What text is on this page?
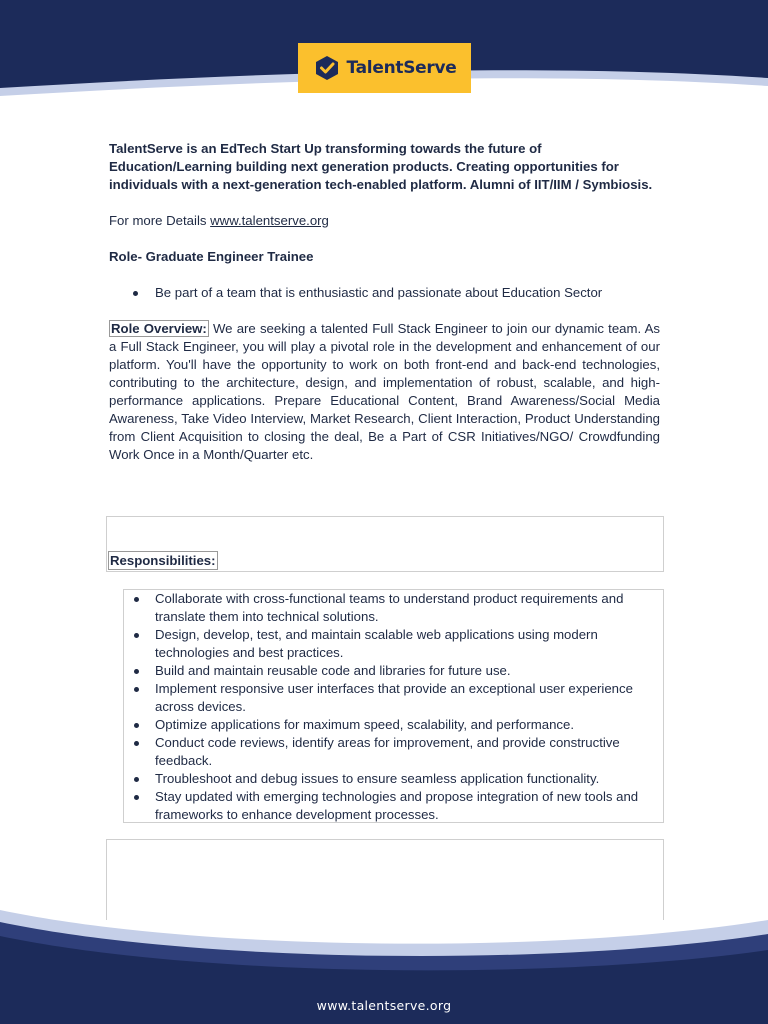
TalentServe

TalentServe is an EdTech Start Up transforming towards the future of Education/Learning building next generation products. Creating opportunities for individuals with a next-generation tech-enabled platform. Alumni of IIT/IIM / Symbiosis.

For more Details www.talentserve.org

Role- Graduate Engineer Trainee

Be part of a team that is enthusiastic and passionate about Education Sector

Role Overview: We are seeking a talented Full Stack Engineer to join our dynamic team. As a Full Stack Engineer, you will play a pivotal role in the development and enhancement of our platform. You'll have the opportunity to work on both front-end and back-end technologies, contributing to the architecture, design, and implementation of robust, scalable, and high-performance applications. Prepare Educational Content, Brand Awareness/Social Media Awareness, Take Video Interview, Market Research, Client Interaction, Product Understanding from Client Acquisition to closing the deal, Be a Part of CSR Initiatives/NGO/ Crowdfunding Work Once in a Month/Quarter etc.

Responsibilities:
Collaborate with cross-functional teams to understand product requirements and translate them into technical solutions.
Design, develop, test, and maintain scalable web applications using modern technologies and best practices.
Build and maintain reusable code and libraries for future use.
Implement responsive user interfaces that provide an exceptional user experience across devices.
Optimize applications for maximum speed, scalability, and performance.
Conduct code reviews, identify areas for improvement, and provide constructive feedback.
Troubleshoot and debug issues to ensure seamless application functionality.
Stay updated with emerging technologies and propose integration of new tools and frameworks to enhance development processes.
www.talentserve.org
